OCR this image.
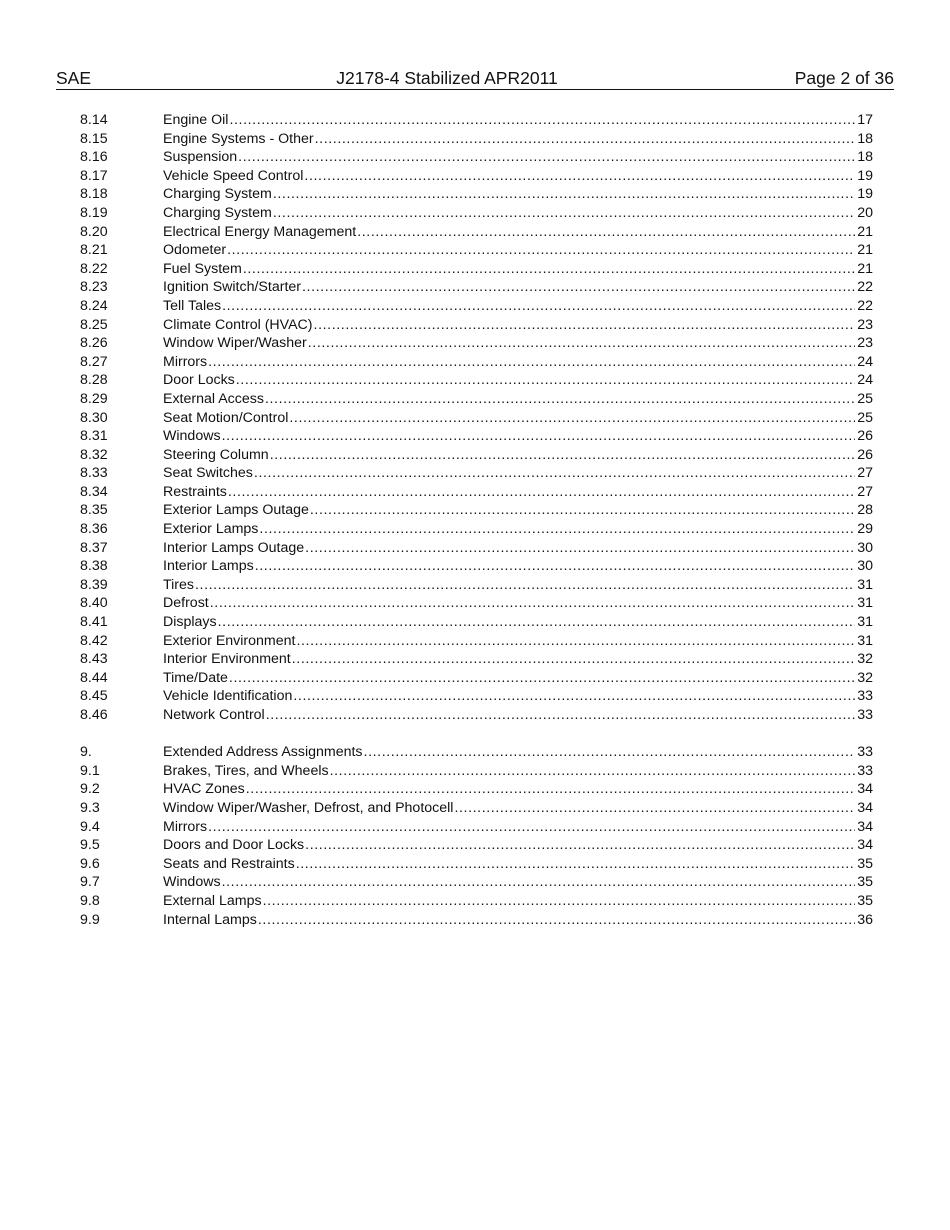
SAE	J2178-4 Stabilized APR2011	Page 2 of 36
8.14	Engine Oil .....	17
8.15	Engine Systems - Other .....	18
8.16	Suspension .....	18
8.17	Vehicle Speed Control .....	19
8.18	Charging System .....	19
8.19	Charging System .....	20
8.20	Electrical Energy Management .....	21
8.21	Odometer .....	21
8.22	Fuel System .....	21
8.23	Ignition Switch/Starter .....	22
8.24	Tell Tales .....	22
8.25	Climate Control (HVAC) .....	23
8.26	Window Wiper/Washer .....	23
8.27	Mirrors .....	24
8.28	Door Locks .....	24
8.29	External Access .....	25
8.30	Seat Motion/Control .....	25
8.31	Windows .....	26
8.32	Steering Column .....	26
8.33	Seat Switches .....	27
8.34	Restraints .....	27
8.35	Exterior Lamps Outage .....	28
8.36	Exterior Lamps .....	29
8.37	Interior Lamps Outage .....	30
8.38	Interior Lamps .....	30
8.39	Tires .....	31
8.40	Defrost .....	31
8.41	Displays .....	31
8.42	Exterior Environment .....	31
8.43	Interior Environment .....	32
8.44	Time/Date .....	32
8.45	Vehicle Identification .....	33
8.46	Network Control .....	33
9.	Extended Address Assignments .....	33
9.1	Brakes, Tires, and Wheels .....	33
9.2	HVAC Zones .....	34
9.3	Window Wiper/Washer, Defrost, and Photocell .....	34
9.4	Mirrors .....	34
9.5	Doors and Door Locks .....	34
9.6	Seats and Restraints .....	35
9.7	Windows .....	35
9.8	External Lamps .....	35
9.9	Internal Lamps .....	36
